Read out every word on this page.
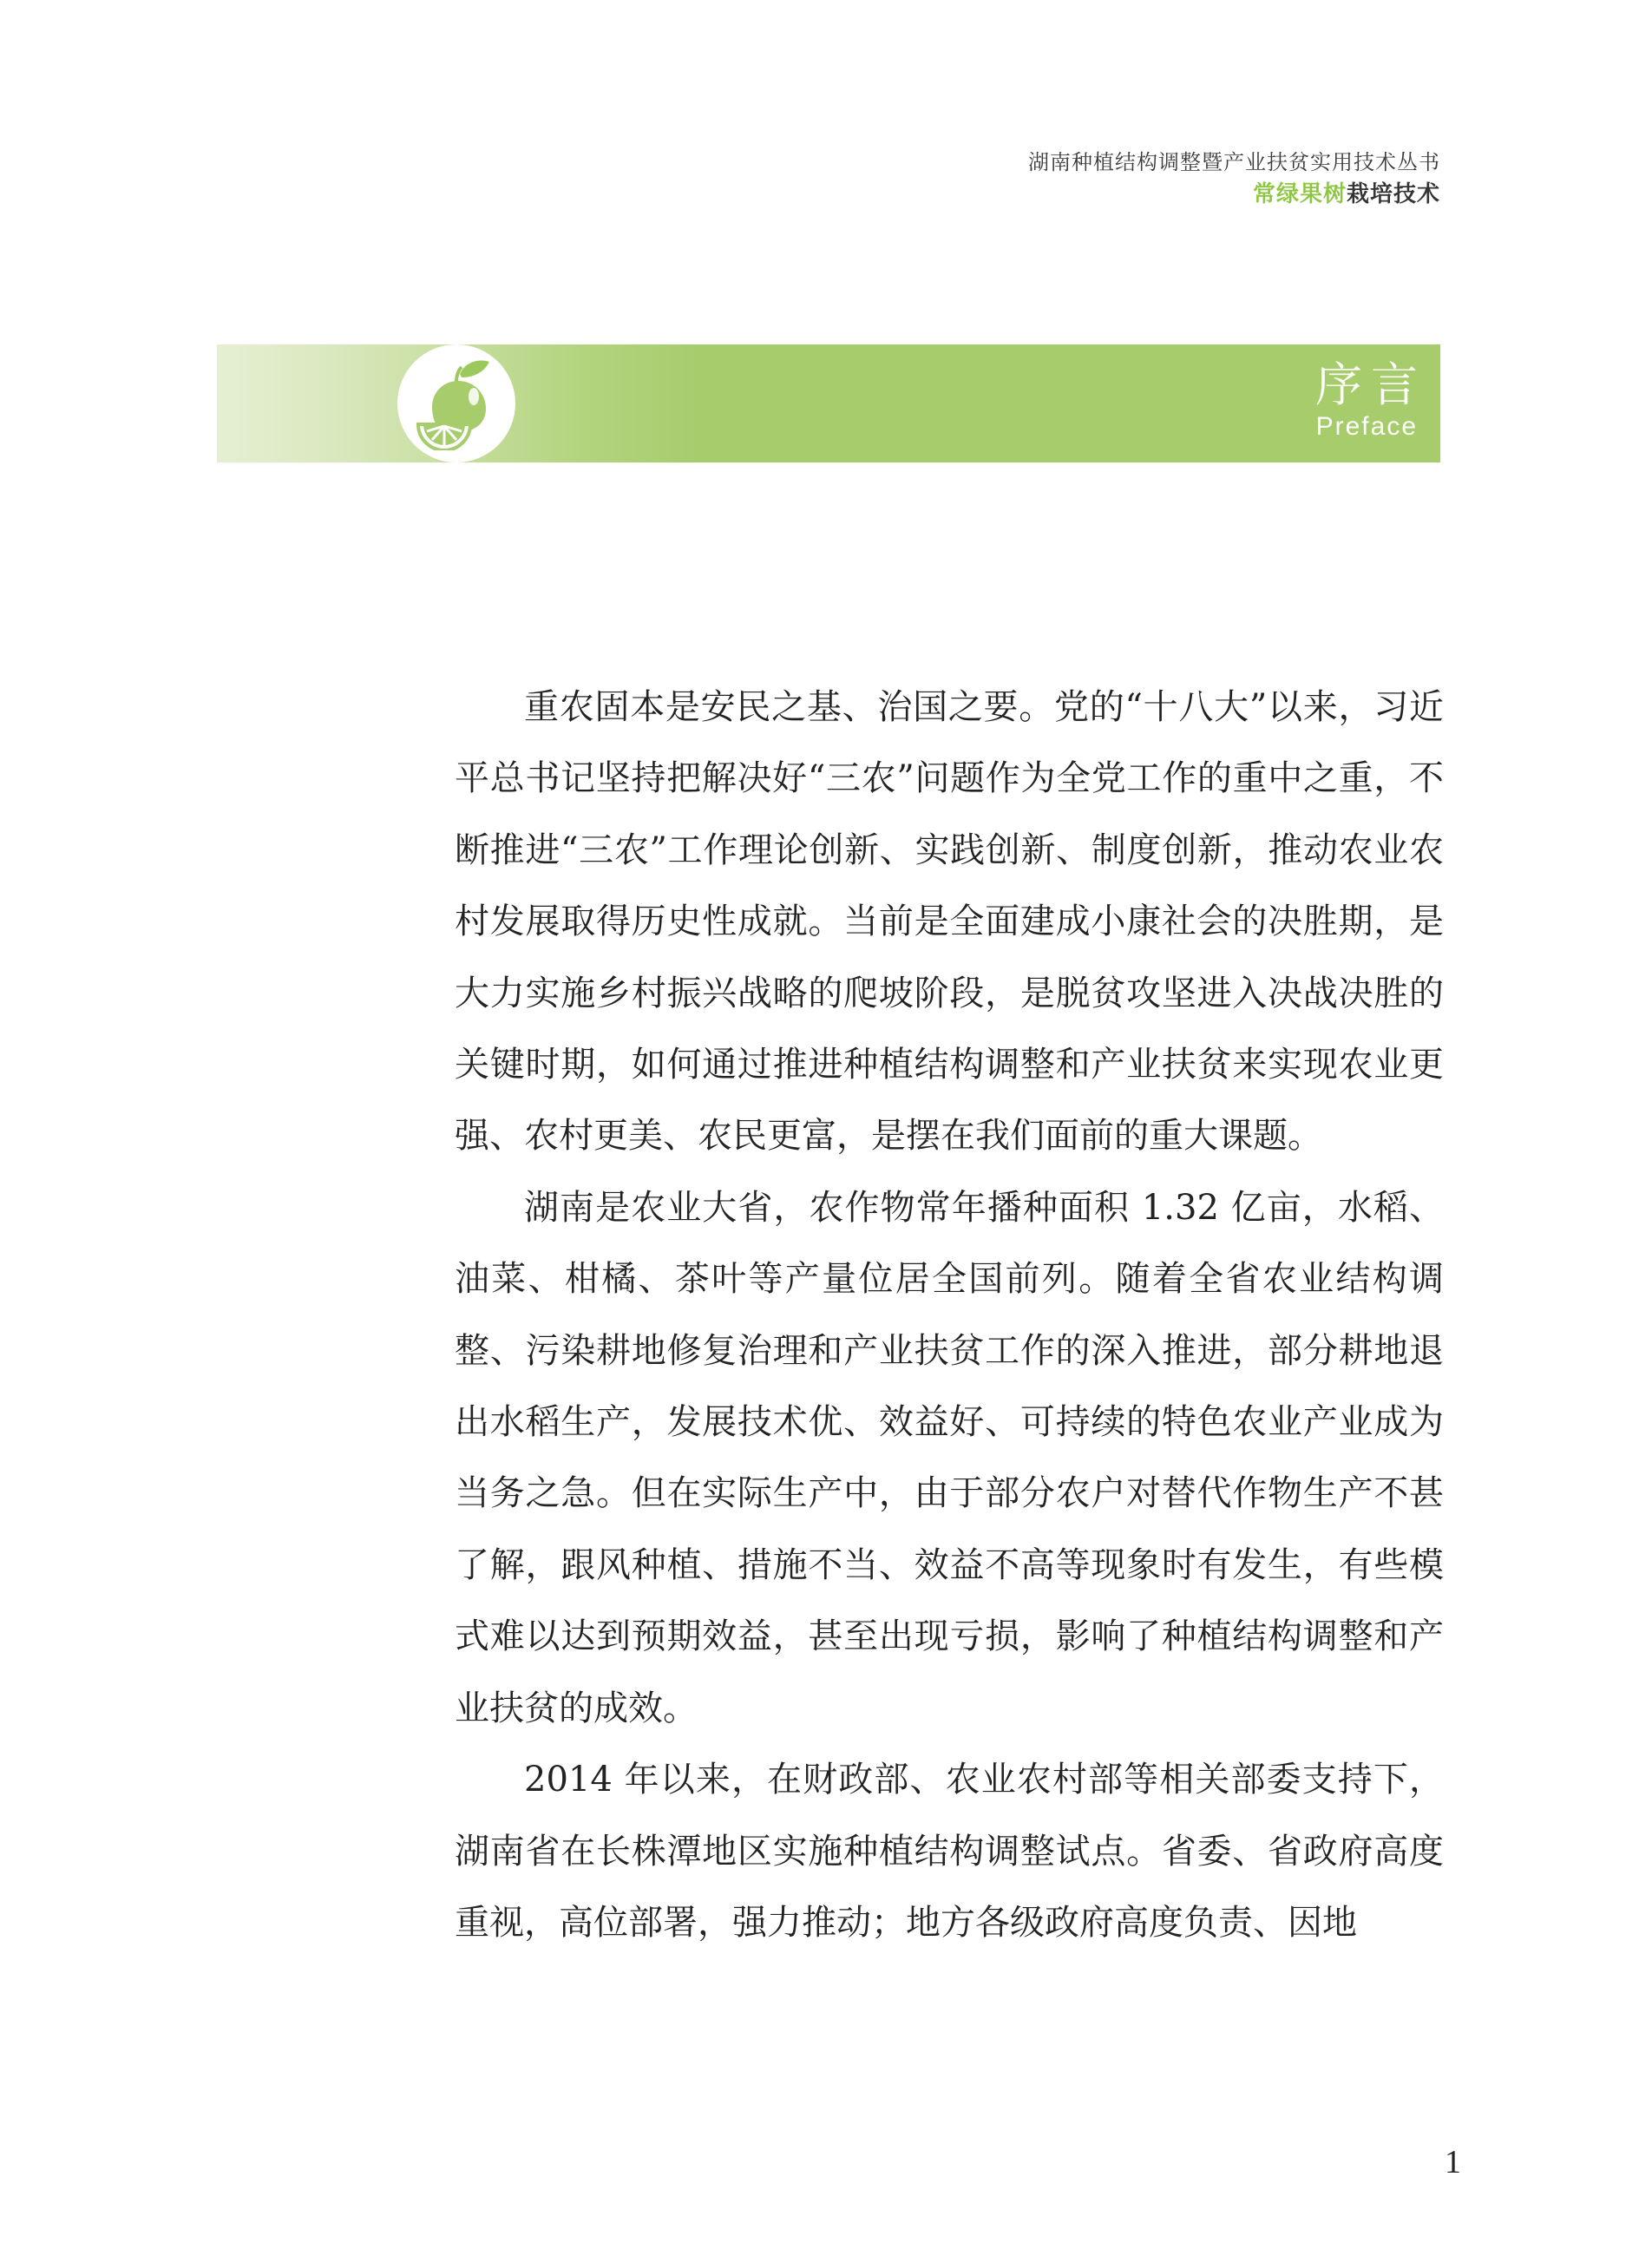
湖南种植结构调整暨产业扶贫实用技术丛书
常绿果树栽培技术
序言
Preface

重农固本是安民之基、治国之要。党的“十八大”以来，习近平总书记坚持把解决好“三农”问题作为全党工作的重中之重，不断推进“三农”工作理论创新、实践创新、制度创新，推动农业农村发展取得历史性成就。当前是全面建成小康社会的决胜期，是大力实施乡村振兴战略的爬坡阶段，是脱贫攻坚进入决战决胜的关键时期，如何通过推进种植结构调整和产业扶贫来实现农业更强、农村更美、农民更富，是摆在我们面前的重大课题。

湖南是农业大省，农作物常年播种面积 1.32 亿亩，水稻、油菜、柑橘、茶叶等产量位居全国前列。随着全省农业结构调整、污染耕地修复治理和产业扶贫工作的深入推进，部分耕地退出水稻生产，发展技术优、效益好、可持续的特色农业产业成为当务之急。但在实际生产中，由于部分农户对替代作物生产不甚了解，跟风种植、措施不当、效益不高等现象时有发生，有些模式难以达到预期效益，甚至出现亏损，影响了种植结构调整和产业扶贫的成效。

2014 年以来，在财政部、农业农村部等相关部委支持下，湖南省在长株潭地区实施种植结构调整试点。省委、省政府高度重视，高位部署，强力推动；地方各级政府高度负责、因地

1
